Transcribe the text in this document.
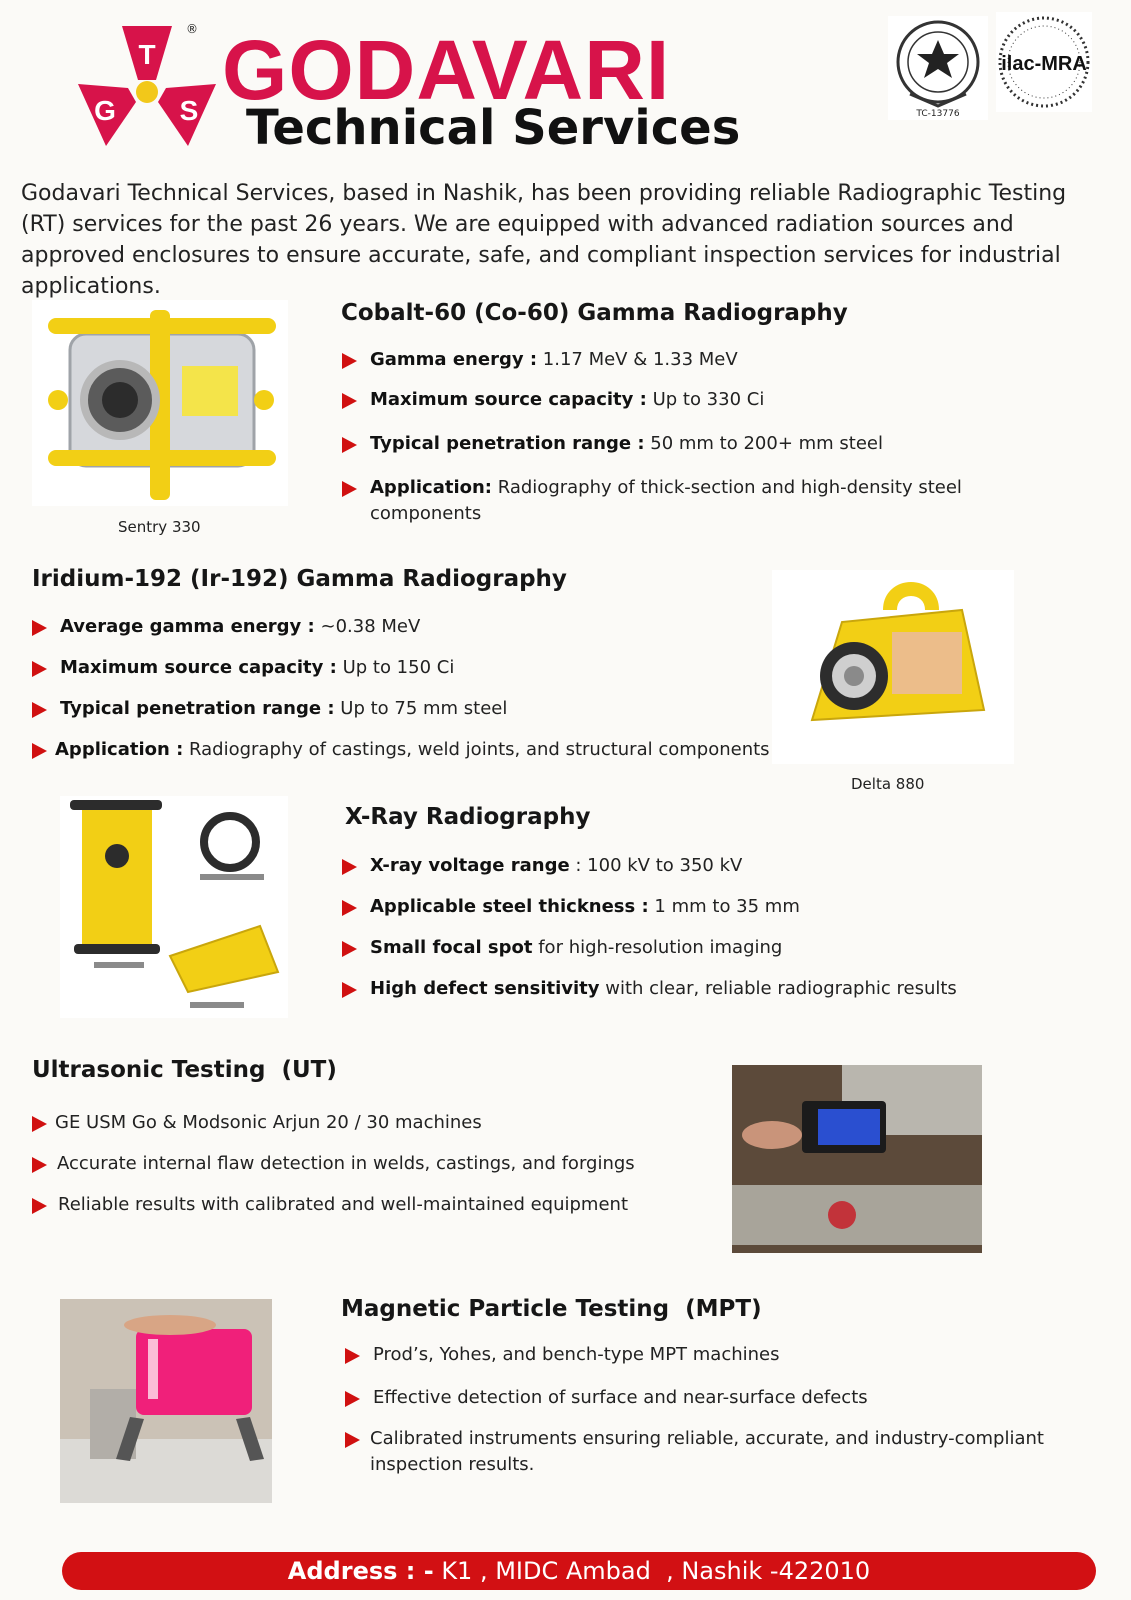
T
G S
® GODAVARI
Technical Services	TC-13776
ilac-MRA
Godavari Technical Services, based in Nashik, has been providing reliable Radiographic Testing (RT) services for the past 26 years. We are equipped with advanced radiation sources and approved enclosures to ensure accurate, safe, and compliant inspection services for industrial applications.
Sentry 330
Cobalt-60 (Co-60) Gamma Radiography
Gamma energy : 1.17 MeV & 1.33 MeV
Maximum source capacity : Up to 330 Ci
Typical penetration range : 50 mm to 200+ mm steel
Application: Radiography of thick-section and high-density steel components
Iridium-192 (Ir-192) Gamma Radiography
Average gamma energy : ~0.38 MeV
Maximum source capacity : Up to 150 Ci
Typical penetration range : Up to 75 mm steel
Application : Radiography of castings, weld joints, and structural components
Delta 880
X-Ray Radiography
X-ray voltage range : 100 kV to 350 kV
Applicable steel thickness : 1 mm to 35 mm
Small focal spot for high-resolution imaging
High defect sensitivity with clear, reliable radiographic results
Ultrasonic Testing  (UT)
GE USM Go & Modsonic Arjun 20 / 30 machines
Accurate internal flaw detection in welds, castings, and forgings
Reliable results with calibrated and well-maintained equipment
Magnetic Particle Testing  (MPT)
Prod’s, Yohes, and bench-type MPT machines
Effective detection of surface and near-surface defects
Calibrated instruments ensuring reliable, accurate, and industry-compliant inspection results.
Address : - K1 , MIDC Ambad  , Nashik -422010
